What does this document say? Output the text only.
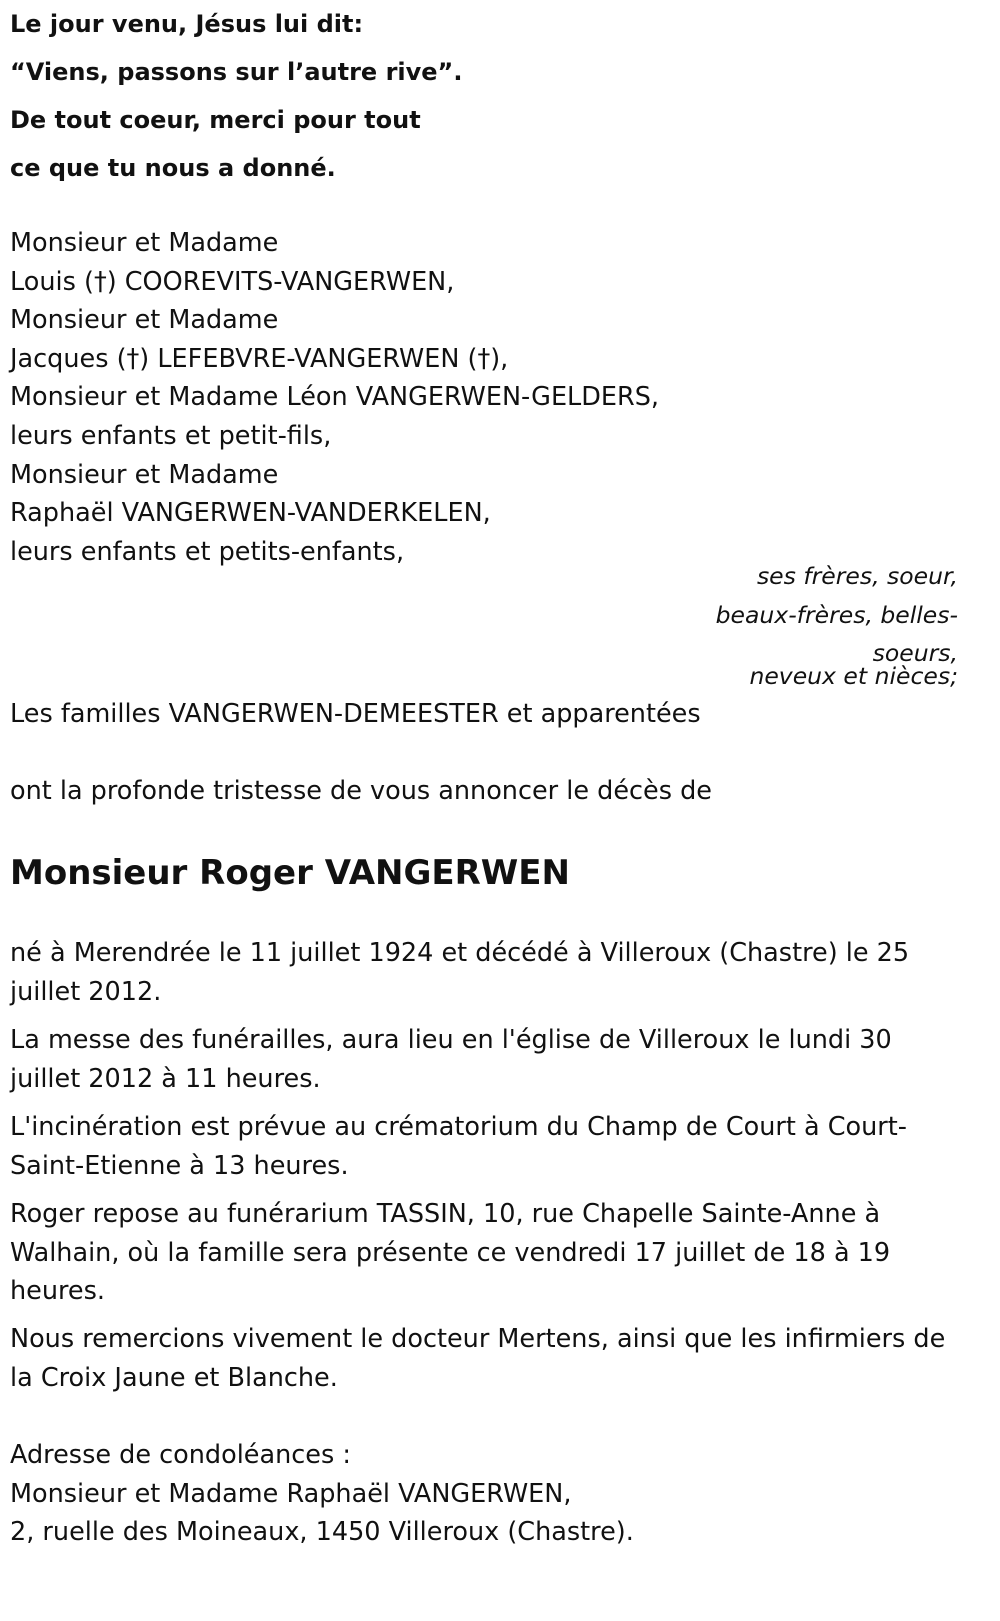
Le jour venu, Jésus lui dit:
“Viens, passons sur l’autre rive”.
De tout coeur, merci pour tout
ce que tu nous a donné.
Monsieur et Madame
Louis (†) COOREVITS-VANGERWEN,
Monsieur et Madame
Jacques (†) LEFEBVRE-VANGERWEN (†),
Monsieur et Madame Léon VANGERWEN-GELDERS,
leurs enfants et petit-fils,
Monsieur et Madame
Raphaël VANGERWEN-VANDERKELEN,
leurs enfants et petits-enfants,
ses frères, soeur,
beaux-frères, belles-
soeurs,
neveux et nièces;
Les familles VANGERWEN-DEMEESTER et apparentées
ont la profonde tristesse de vous annoncer le décès de
Monsieur Roger VANGERWEN
né à Merendrée le 11 juillet 1924 et décédé à Villeroux (Chastre) le 25
juillet 2012.
La messe des funérailles, aura lieu en l'église de Villeroux le lundi 30
juillet 2012 à 11 heures.
L'incinération est prévue au crématorium du Champ de Court à Court-
Saint-Etienne à 13 heures.
Roger repose au funérarium TASSIN, 10, rue Chapelle Sainte-Anne à
Walhain, où la famille sera présente ce vendredi 17 juillet de 18 à 19
heures.
Nous remercions vivement le docteur Mertens, ainsi que les infirmiers de
la Croix Jaune et Blanche.
Adresse de condoléances :
Monsieur et Madame Raphaël VANGERWEN,
2, ruelle des Moineaux, 1450 Villeroux (Chastre).
